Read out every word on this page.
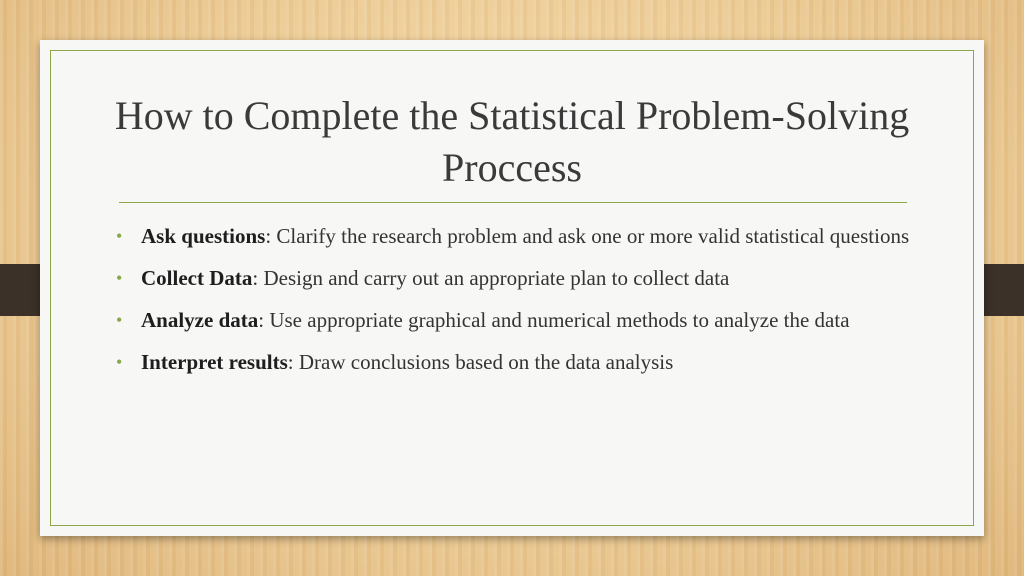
How to Complete the Statistical Problem-Solving Proccess
• Ask questions: Clarify the research problem and ask one or more valid statistical questions
• Collect Data: Design and carry out an appropriate plan to collect data
• Analyze data: Use appropriate graphical and numerical methods to analyze the data
• Interpret results: Draw conclusions based on the data analysis
